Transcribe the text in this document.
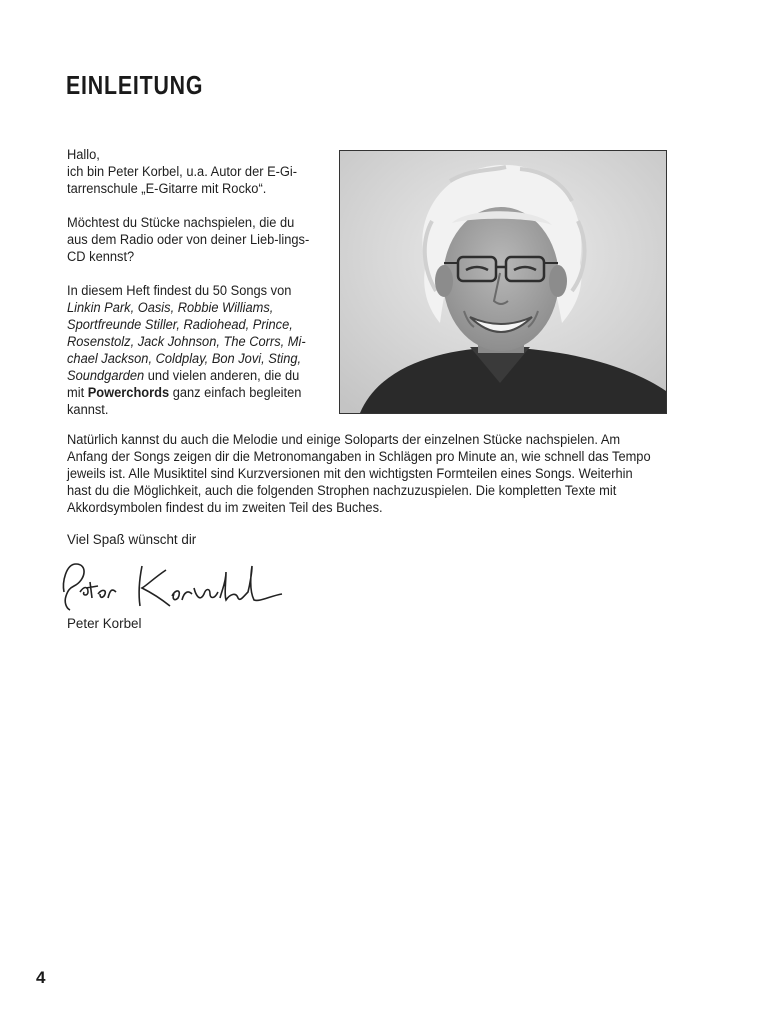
EINLEITUNG

Hallo,
ich bin Peter Korbel, u.a. Autor der E-Gi-
tarrenschule „E-Gitarre mit Rocko“.

Möchtest du Stücke nachspielen, die du aus dem Radio oder von deiner Lieb-lings-CD kennst?

In diesem Heft findest du 50 Songs von Linkin Park, Oasis, Robbie Williams, Sportfreunde Stiller, Radiohead, Prince, Rosenstolz, Jack Johnson, The Corrs, Mi-chael Jackson, Coldplay, Bon Jovi, Sting, Soundgarden und vielen anderen, die du mit Powerchords ganz einfach begleiten kannst.

Natürlich kannst du auch die Melodie und einige Soloparts der einzelnen Stücke nachspielen. Am Anfang der Songs zeigen dir die Metronomangaben in Schlägen pro Minute an, wie schnell das Tempo jeweils ist. Alle Musiktitel sind Kurzversionen mit den wichtigsten Formteilen eines Songs. Weiterhin hast du die Möglichkeit, auch die folgenden Strophen nachzuzuspielen. Die kompletten Texte mit Akkordsymbolen findest du im zweiten Teil des Buches.

Viel Spaß wünscht dir

Peter Korbel

4
